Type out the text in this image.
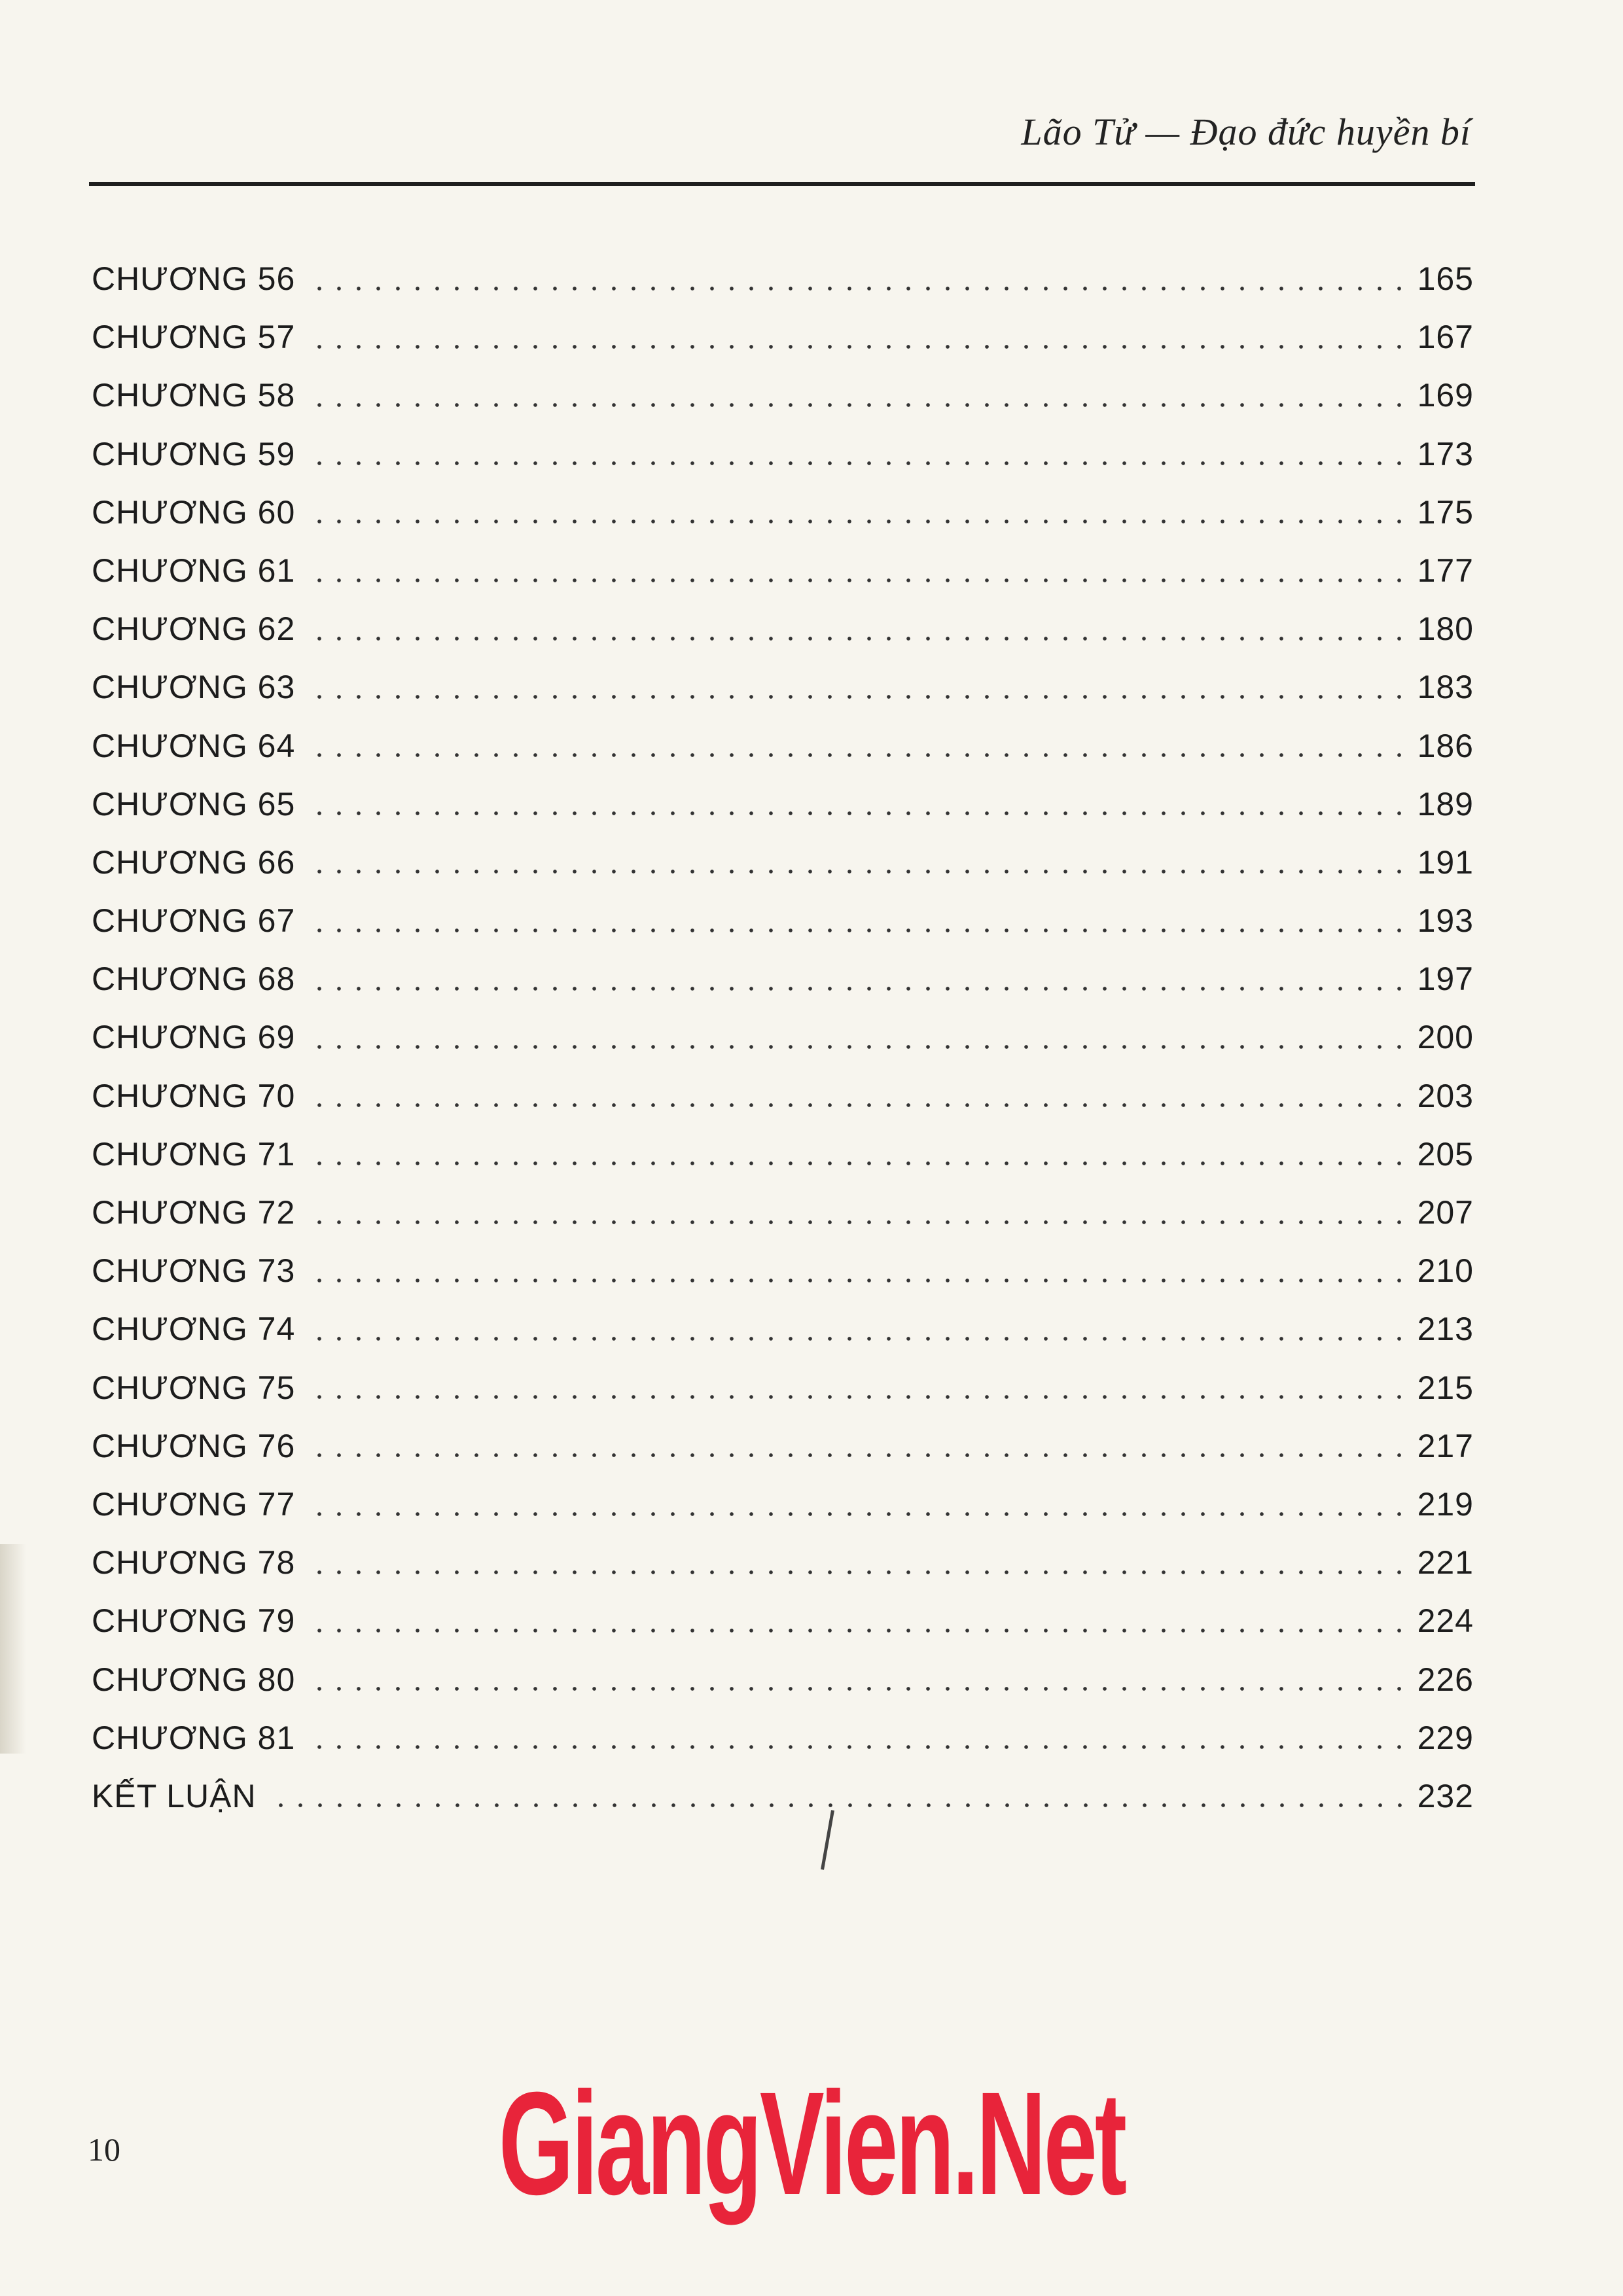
Lão Tử — Đạo đức huyền bí
CHƯƠNG 56	165
CHƯƠNG 57	167
CHƯƠNG 58	169
CHƯƠNG 59	173
CHƯƠNG 60	175
CHƯƠNG 61	177
CHƯƠNG 62	180
CHƯƠNG 63	183
CHƯƠNG 64	186
CHƯƠNG 65	189
CHƯƠNG 66	191
CHƯƠNG 67	193
CHƯƠNG 68	197
CHƯƠNG 69	200
CHƯƠNG 70	203
CHƯƠNG 71	205
CHƯƠNG 72	207
CHƯƠNG 73	210
CHƯƠNG 74	213
CHƯƠNG 75	215
CHƯƠNG 76	217
CHƯƠNG 77	219
CHƯƠNG 78	221
CHƯƠNG 79	224
CHƯƠNG 80	226
CHƯƠNG 81	229
KẾT LUẬN	232
10	GiangVien.Net
